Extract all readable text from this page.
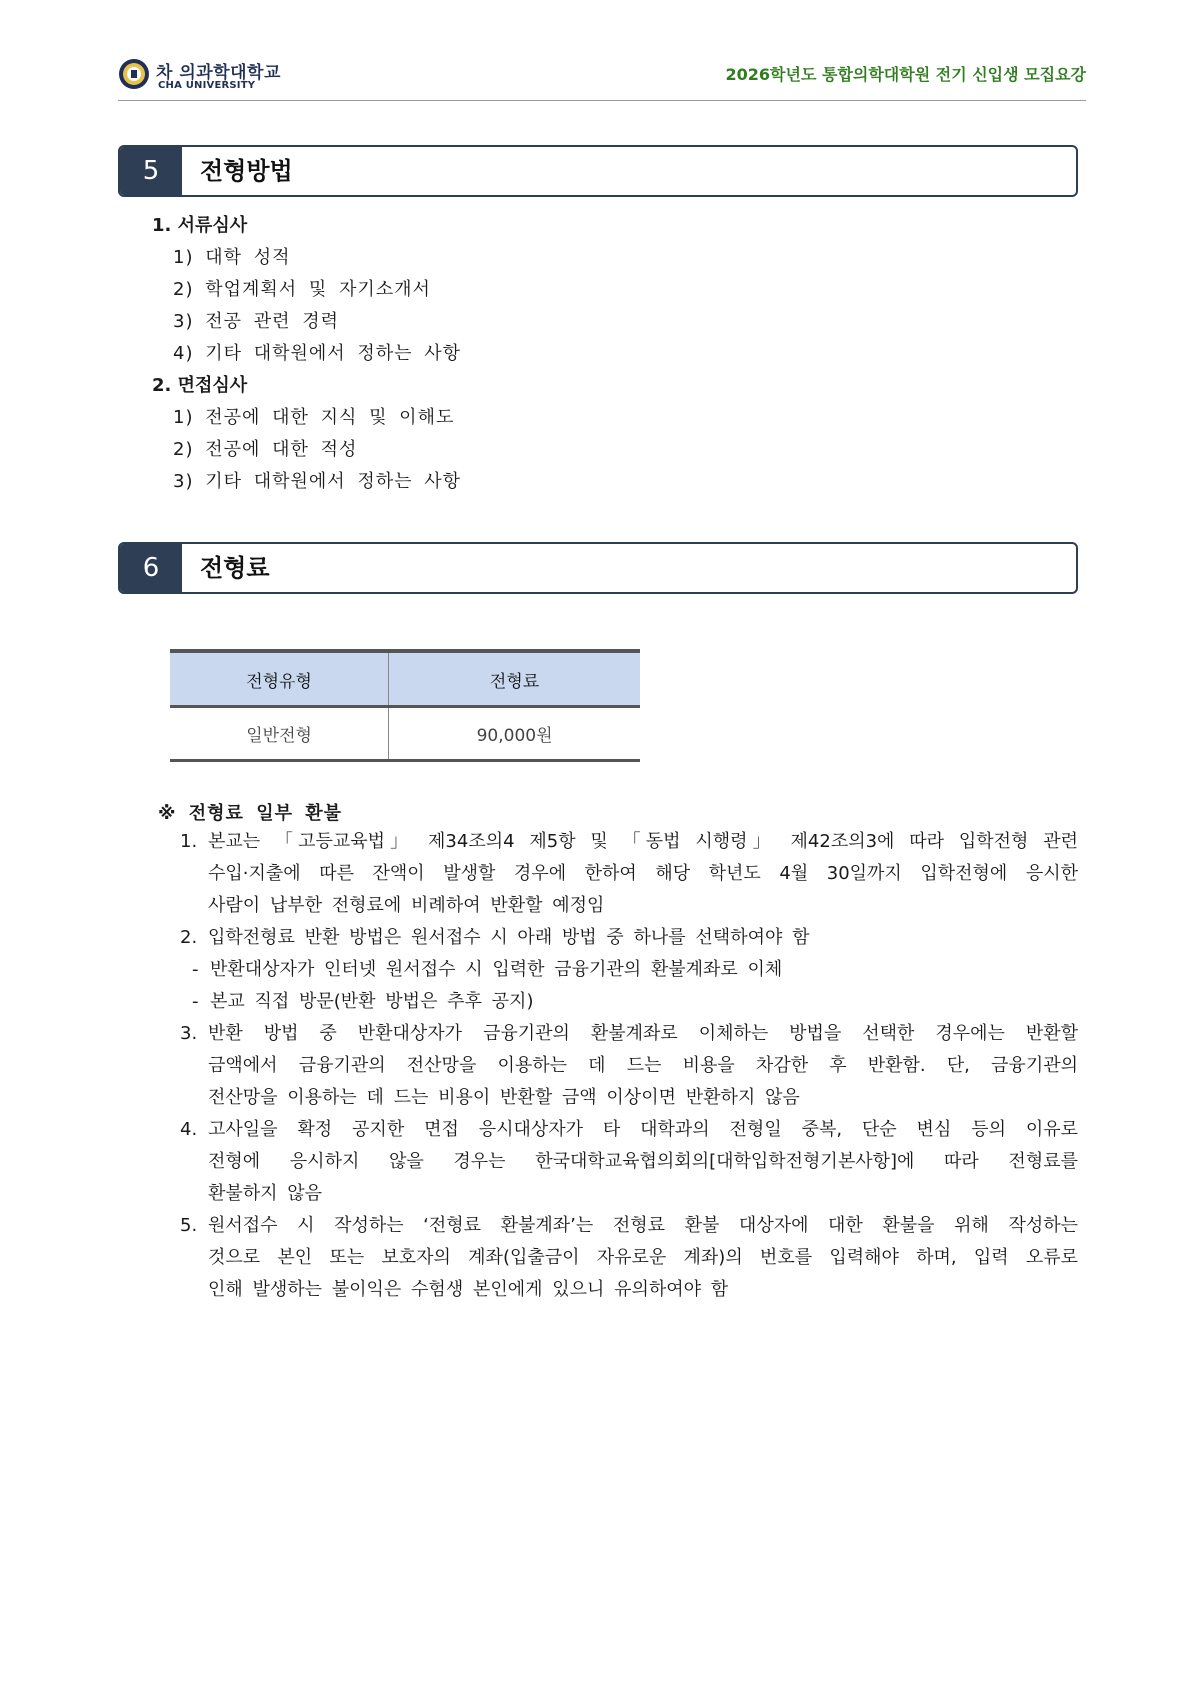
차 의과학대학교
CHA UNIVERSITY
2026학년도 통합의학대학원 전기 신입생 모집요강
5	전형방법
1. 서류심사
1) 대학 성적
2) 학업계획서 및 자기소개서
3) 전공 관련 경력
4) 기타 대학원에서 정하는 사항
2. 면접심사
1) 전공에 대한 지식 및 이해도
2) 전공에 대한 적성
3) 기타 대학원에서 정하는 사항
6	전형료
전형유형	전형료
일반전형	90,000원
※ 전형료 일부 환불
1. 본교는 「고등교육법」 제34조의4 제5항 및 「동법 시행령」 제42조의3에 따라 입학전형 관련
수입·지출에 따른 잔액이 발생할 경우에 한하여 해당 학년도 4월 30일까지 입학전형에 응시한
사람이 납부한 전형료에 비례하여 반환할 예정임
2. 입학전형료 반환 방법은 원서접수 시 아래 방법 중 하나를 선택하여야 함
- 반환대상자가 인터넷 원서접수 시 입력한 금융기관의 환불계좌로 이체
- 본교 직접 방문(반환 방법은 추후 공지)
3. 반환 방법 중 반환대상자가 금융기관의 환불계좌로 이체하는 방법을 선택한 경우에는 반환할
금액에서 금융기관의 전산망을 이용하는 데 드는 비용을 차감한 후 반환함. 단, 금융기관의
전산망을 이용하는 데 드는 비용이 반환할 금액 이상이면 반환하지 않음
4. 고사일을 확정 공지한 면접 응시대상자가 타 대학과의 전형일 중복, 단순 변심 등의 이유로
전형에 응시하지 않을 경우는 한국대학교육협의회의[대학입학전형기본사항]에 따라 전형료를
환불하지 않음
5. 원서접수 시 작성하는 ‘전형료 환불계좌’는 전형료 환불 대상자에 대한 환불을 위해 작성하는
것으로 본인 또는 보호자의 계좌(입출금이 자유로운 계좌)의 번호를 입력해야 하며, 입력 오류로
인해 발생하는 불이익은 수험생 본인에게 있으니 유의하여야 함
